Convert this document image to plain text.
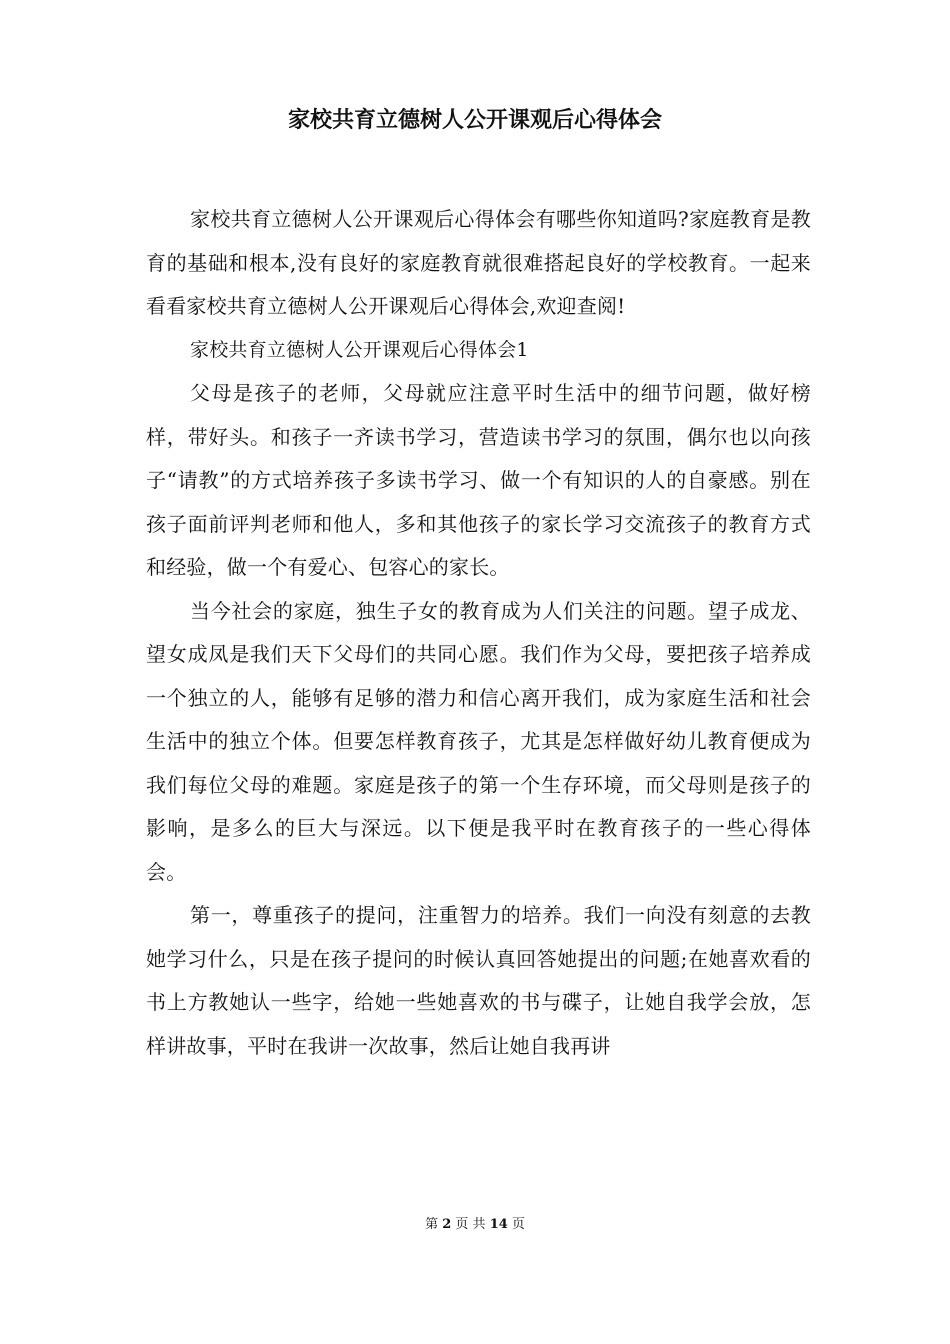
家校共育立德树人公开课观后心得体会

家校共育立德树人公开课观后心得体会有哪些你知道吗?家庭教育是教育的基础和根本,没有良好的家庭教育就很难搭起良好的学校教育。一起来看看家校共育立德树人公开课观后心得体会,欢迎查阅!

家校共育立德树人公开课观后心得体会1

父母是孩子的老师，父母就应注意平时生活中的细节问题，做好榜样，带好头。和孩子一齐读书学习，营造读书学习的氛围，偶尔也以向孩子“请教”的方式培养孩子多读书学习、做一个有知识的人的自豪感。别在孩子面前评判老师和他人，多和其他孩子的家长学习交流孩子的教育方式和经验，做一个有爱心、包容心的家长。

当今社会的家庭，独生子女的教育成为人们关注的问题。望子成龙、望女成凤是我们天下父母们的共同心愿。我们作为父母，要把孩子培养成一个独立的人，能够有足够的潜力和信心离开我们，成为家庭生活和社会生活中的独立个体。但要怎样教育孩子，尤其是怎样做好幼儿教育便成为我们每位父母的难题。家庭是孩子的第一个生存环境，而父母则是孩子的影响，是多么的巨大与深远。以下便是我平时在教育孩子的一些心得体会。

第一，尊重孩子的提问，注重智力的培养。我们一向没有刻意的去教她学习什么，只是在孩子提问的时候认真回答她提出的问题;在她喜欢看的书上方教她认一些字，给她一些她喜欢的书与碟子，让她自我学会放，怎样讲故事，平时在我讲一次故事，然后让她自我再讲

第 2 页 共 14 页
